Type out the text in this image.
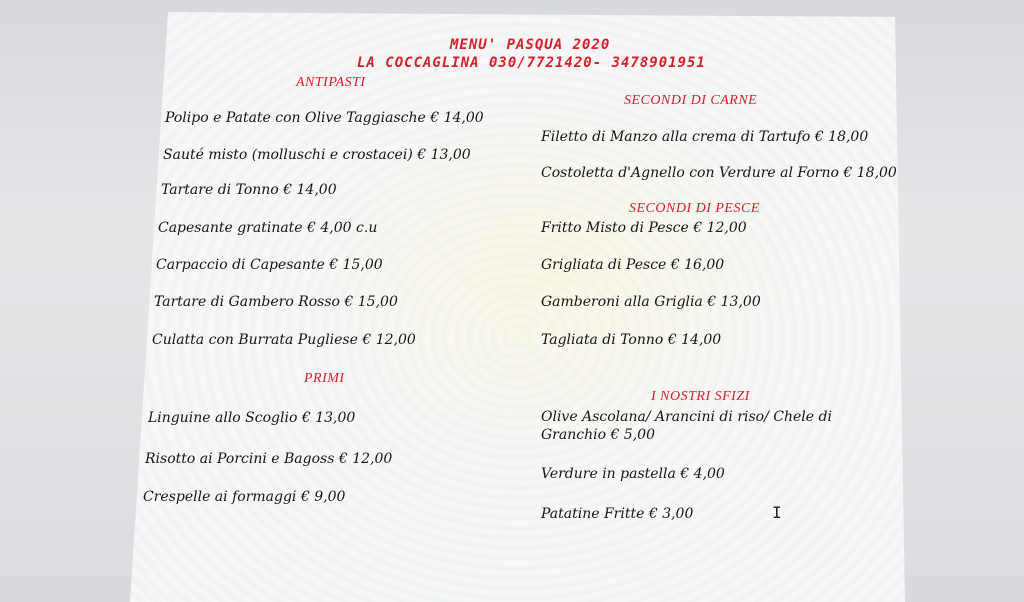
MENU' PASQUA 2020
LA COCCAGLINA 030/7721420- 3478901951
ANTIPASTI
Polipo e Patate con Olive Taggiasche € 14,00
Sauté misto (molluschi e crostacei) € 13,00
Tartare di Tonno € 14,00
Capesante gratinate € 4,00 c.u
Carpaccio di Capesante € 15,00
Tartare di Gambero Rosso € 15,00
Culatta con Burrata Pugliese € 12,00
PRIMI
Linguine allo Scoglio € 13,00
Risotto ai Porcini e Bagoss € 12,00
Crespelle ai formaggi € 9,00
SECONDI DI CARNE
Filetto di Manzo alla crema di Tartufo € 18,00
Costoletta d'Agnello con Verdure al Forno € 18,00
SECONDI DI PESCE
Fritto Misto di Pesce € 12,00
Grigliata di Pesce € 16,00
Gamberoni alla Griglia € 13,00
Tagliata di Tonno € 14,00
I NOSTRI SFIZI
Olive Ascolana/ Arancini di riso/ Chele di
Granchio € 5,00
Verdure in pastella € 4,00
Patatine Fritte € 3,00	I
